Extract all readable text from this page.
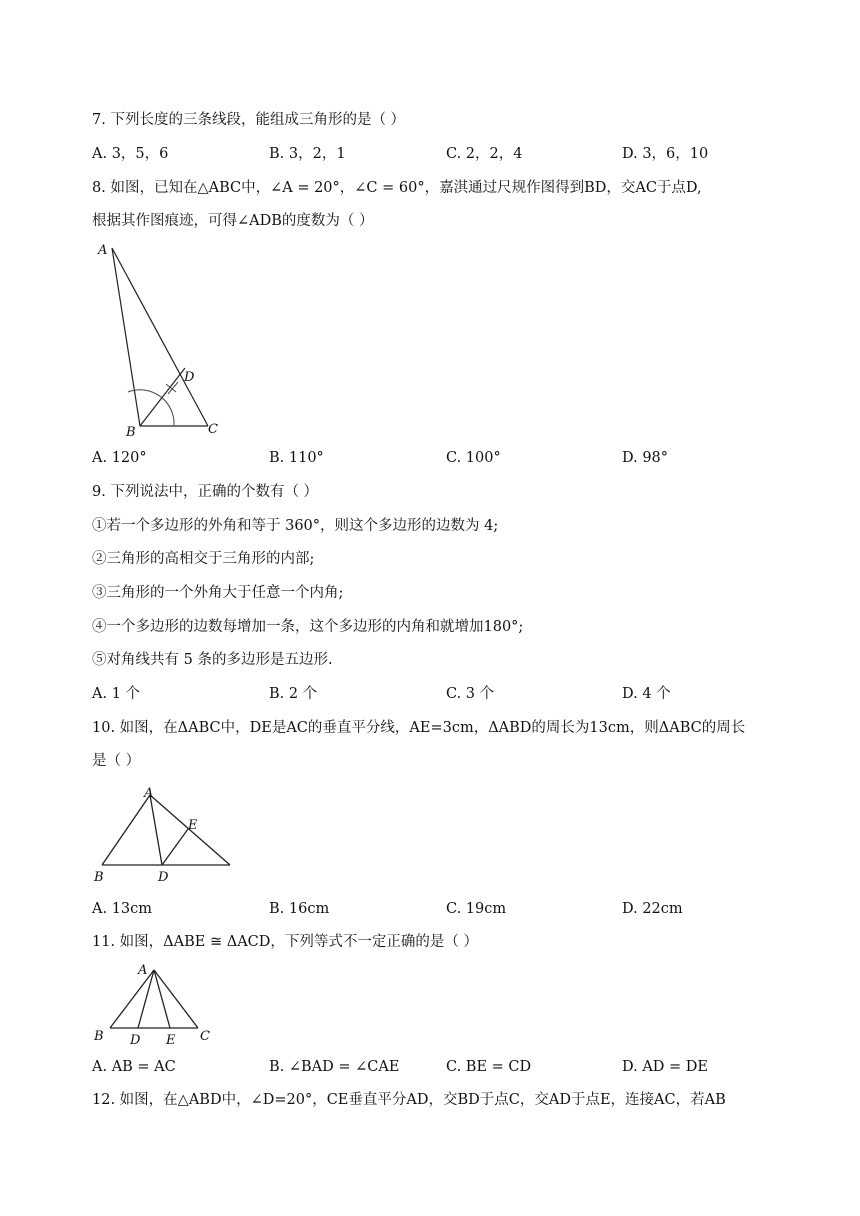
7. 下列长度的三条线段，能组成三角形的是（ ）
A. 3，5，6	B. 3，2，1	C. 2，2，4	D. 3，6，10
8. 如图，已知在△ABC中，∠A = 20°，∠C = 60°，嘉淇通过尺规作图得到BD，交AC于点D,
根据其作图痕迹，可得∠ADB的度数为（ ）
A
B	C
D
A. 120°	B. 110°	C. 100°	D. 98°
9. 下列说法中，正确的个数有（ ）
①若一个多边形的外角和等于 360°，则这个多边形的边数为 4;
②三角形的高相交于三角形的内部;
③三角形的一个外角大于任意一个内角;
④一个多边形的边数每增加一条，这个多边形的内角和就增加180°;
⑤对角线共有 5 条的多边形是五边形.
A. 1 个	B. 2 个	C. 3 个	D. 4 个
10. 如图，在ΔABC中，DE是AC的垂直平分线，AE=3cm，ΔABD的周长为13cm，则ΔABC的周长
是（ ）
A
B	D
E
A. 13cm	B. 16cm	C. 19cm	D. 22cm
11. 如图，ΔABE ≅ ΔACD，下列等式不一定正确的是（ ）
A
B D E C
A. AB = AC	B. ∠BAD = ∠CAE	C. BE = CD	D. AD = DE
12. 如图，在△ABD中，∠D=20°，CE垂直平分AD，交BD于点C，交AD于点E，连接AC，若AB
